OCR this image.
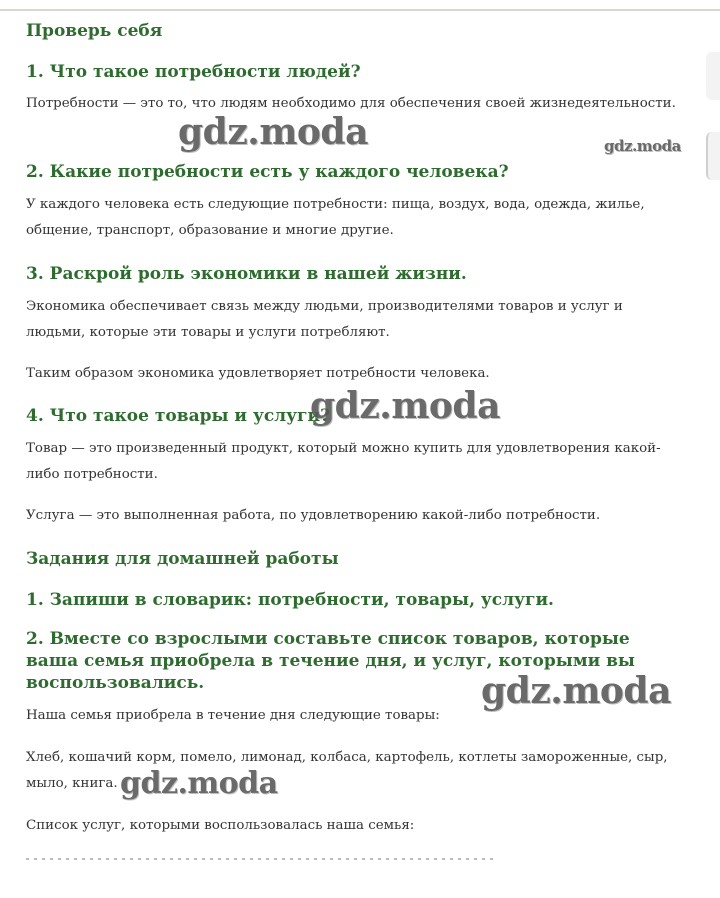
Проверь себя
1. Что такое потребности людей?

Потребности — это то, что людям необходимо для обеспечения своей жизнедеятельности.

2. Какие потребности есть у каждого человека?

У каждого человека есть следующие потребности: пища, воздух, вода, одежда, жилье, общение, транспорт, образование и многие другие.

3. Раскрой роль экономики в нашей жизни.

Экономика обеспечивает связь между людьми, производителями товаров и услуг и людьми, которые эти товары и услуги потребляют.

Таким образом экономика удовлетворяет потребности человека.

4. Что такое товары и услуги?

Товар — это произведенный продукт, который можно купить для удовлетворения какой-либо потребности.

Услуга — это выполненная работа, по удовлетворению какой-либо потребности.

Задания для домашней работы
1. Запиши в словарик: потребности, товары, услуги.
2. Вместе со взрослыми составьте список товаров, которые ваша семья приобрела в течение дня, и услуг, которыми вы воспользовались.

Наша семья приобрела в течение дня следующие товары:

Хлеб, кошачий корм, помело, лимонад, колбаса, картофель, котлеты замороженные, сыр, мыло, книга.

Список услуг, которыми воспользовалась наша семья:

gdz.moda	gdz.moda
gdz.moda
gdz.moda
gdz.moda
